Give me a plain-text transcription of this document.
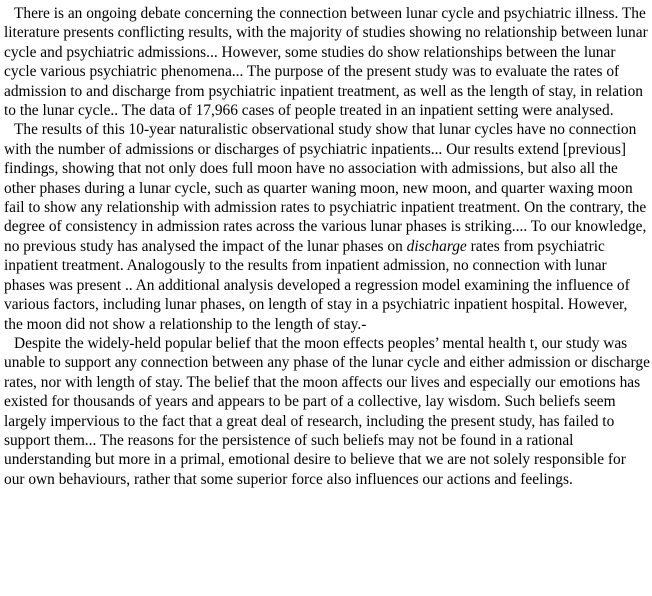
There is an ongoing debate concerning the connection between lunar cycle and psychiatric illness. The literature presents conflicting results, with the majority of studies showing no relationship between lunar cycle and psychiatric admissions... However, some studies do show relationships between the lunar cycle various psychiatric phenomena... The purpose of the present study was to evaluate the rates of admission to and discharge from psychiatric inpatient treatment, as well as the length of stay, in relation to the lunar cycle.. The data of 17,966 cases of people treated in an inpatient setting were analysed.

The results of this 10-year naturalistic observational study show that lunar cycles have no connection with the number of admissions or discharges of psychiatric inpatients... Our results extend [previous] findings, showing that not only does full moon have no association with admissions, but also all the other phases during a lunar cycle, such as quarter waning moon, new moon, and quarter waxing moon fail to show any relationship with admission rates to psychiatric inpatient treatment. On the contrary, the degree of consistency in admission rates across the various lunar phases is striking.... To our knowledge, no previous study has analysed the impact of the lunar phases on discharge rates from psychiatric inpatient treatment. Analogously to the results from inpatient admission, no connection with lunar phases was present .. An additional analysis developed a regression model examining the influence of various factors, including lunar phases, on length of stay in a psychiatric inpatient hospital. However, the moon did not show a relationship to the length of stay.-

Despite the widely-held popular belief that the moon effects peoples’ mental health t, our study was unable to support any connection between any phase of the lunar cycle and either admission or discharge rates, nor with length of stay. The belief that the moon affects our lives and especially our emotions has existed for thousands of years and appears to be part of a collective, lay wisdom. Such beliefs seem largely impervious to the fact that a great deal of research, including the present study, has failed to support them... The reasons for the persistence of such beliefs may not be found in a rational understanding but more in a primal, emotional desire to believe that we are not solely responsible for our own behaviours, rather that some superior force also influences our actions and feelings.
